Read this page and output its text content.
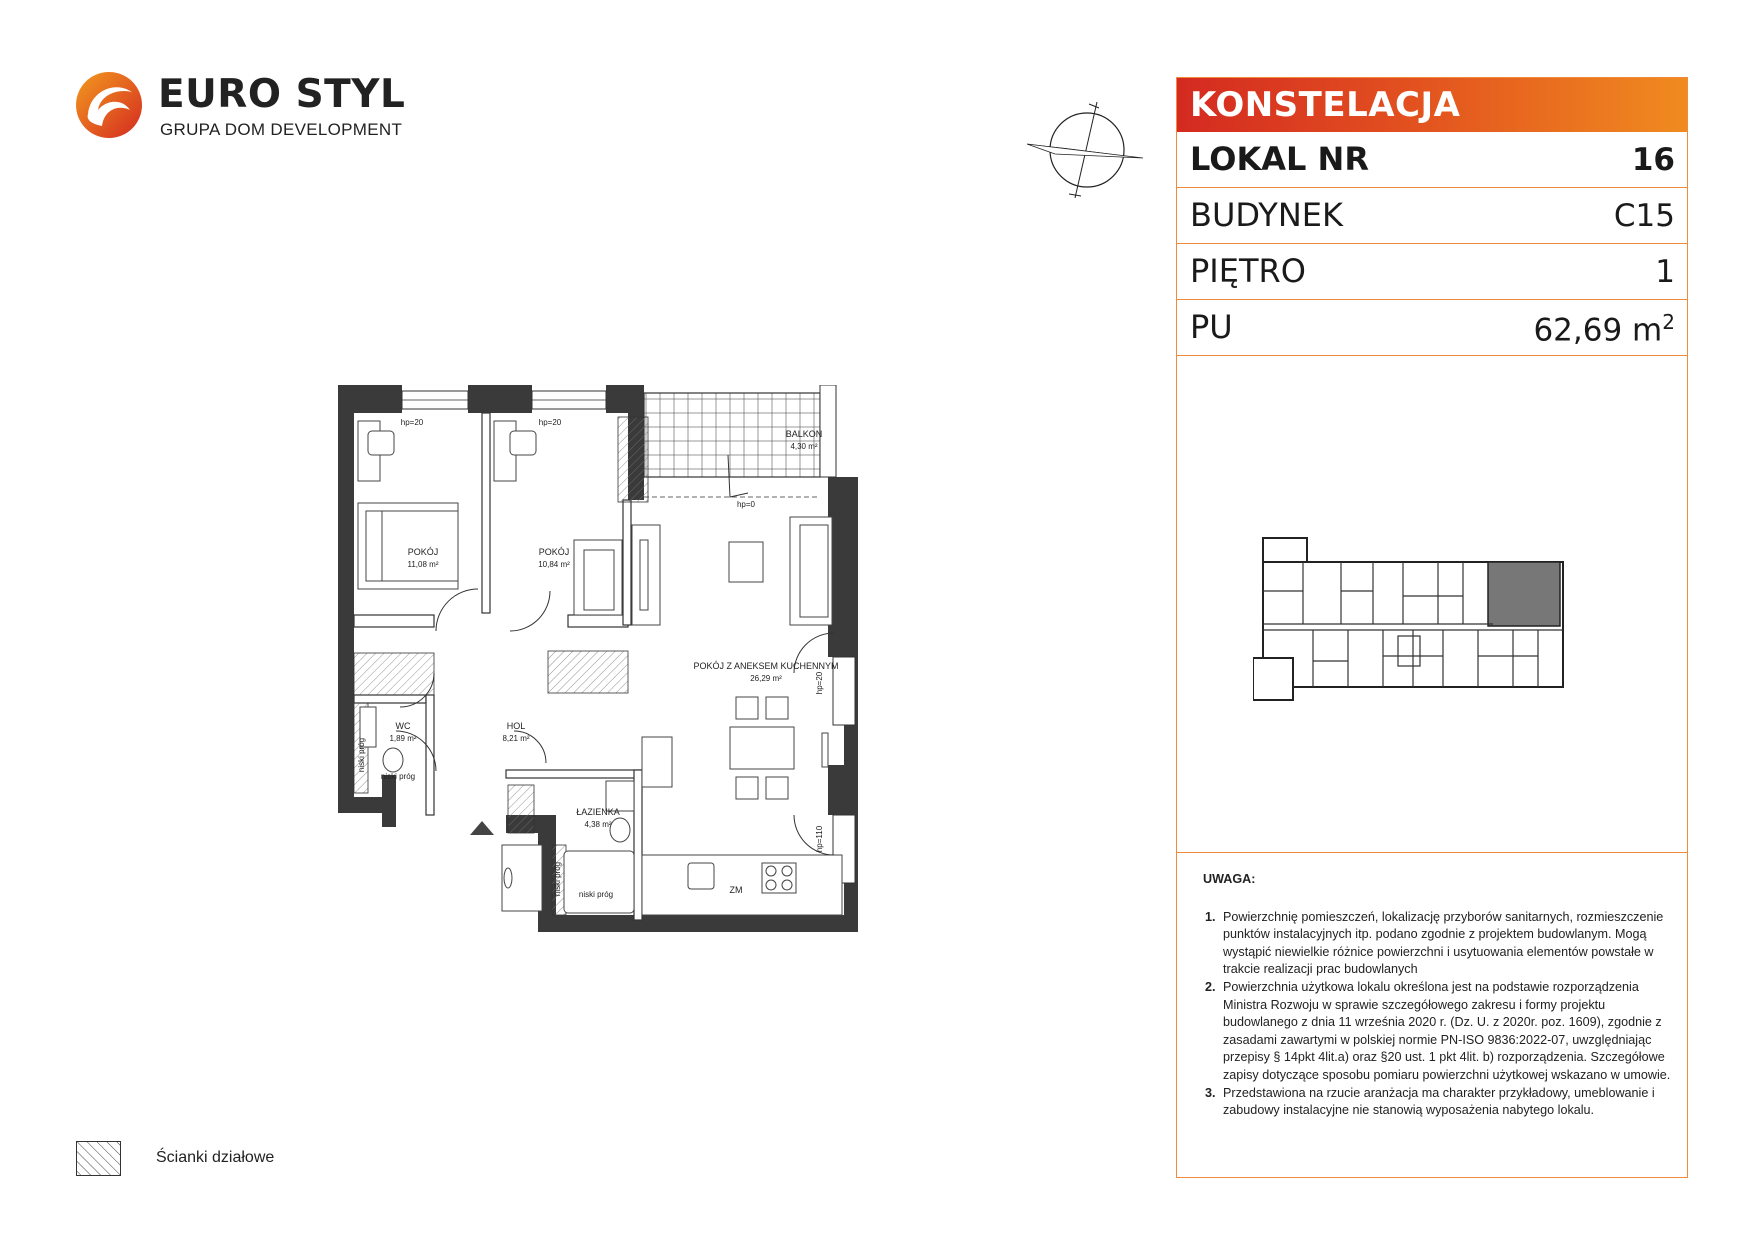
EURO STYL
GRUPA DOM DEVELOPMENT
POKÓJ
11,08 m²
POKÓJ
10,84 m²
BALKON
4,30 m²
POKÓJ Z ANEKSEM KUCHENNYM
26,29 m²
HOL
8,21 m²
WC
1,89 m²
ŁAZIENKA
4,38 m²
hp=20	hp=20
hp=0
hp=20
hp=110
niski próg
niski próg
niski próg
niski próg	ZM
KONSTELACJA
LOKAL NR	16
BUDYNEK	C15
PIĘTRO	1
PU	62,69 $m^2$
UWAGA:
1. Powierzchnię pomieszczeń, lokalizację przyborów sanitarnych, rozmieszczenie punktów instalacyjnych itp. podano zgodnie z projektem budowlanym. Mogą wystąpić niewielkie różnice powierzchni i usytuowania elementów powstałe w trakcie realizacji prac budowlanych
2. Powierzchnia użytkowa lokalu określona jest na podstawie rozporządzenia Ministra Rozwoju w sprawie szczegółowego zakresu i formy projektu budowlanego z dnia 11 września 2020 r. (Dz. U. z 2020r. poz. 1609), zgodnie z zasadami zawartymi w polskiej normie PN-ISO 9836:2022-07, uwzględniając przepisy § 14pkt 4lit.a) oraz §20 ust. 1 pkt 4lit. b) rozporządzenia. Szczegółowe zapisy dotyczące sposobu pomiaru powierzchni użytkowej wskazano w umowie.
3. Przedstawiona na rzucie aranżacja ma charakter przykładowy, umeblowanie i zabudowy instalacyjne nie stanowią wyposażenia nabytego lokalu.
Ścianki działowe
